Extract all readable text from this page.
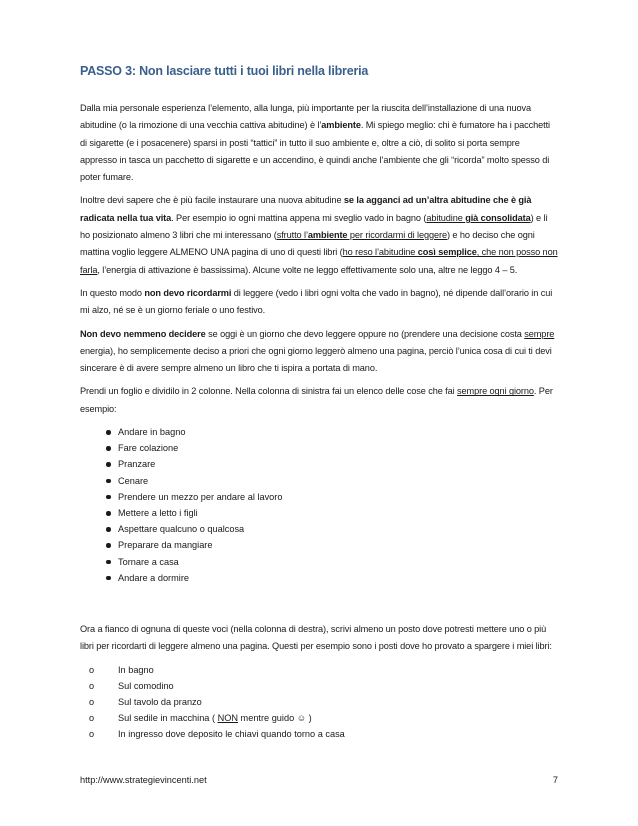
PASSO 3: Non lasciare tutti i tuoi libri nella libreria

Dalla mia personale esperienza l’elemento, alla lunga, più importante per la riuscita dell’installazione di una nuova abitudine (o la rimozione di una vecchia cattiva abitudine) è l’ambiente. Mi spiego meglio: chi è fumatore ha i pacchetti di sigarette (e i posacenere) sparsi in posti “tattici” in tutto il suo ambiente e, oltre a ciò, di solito si porta sempre appresso in tasca un pacchetto di sigarette e un accendino, è quindi anche l’ambiente che gli “ricorda” molto spesso di poter fumare.

Inoltre devi sapere che è più facile instaurare una nuova abitudine se la agganci ad un’altra abitudine che è già radicata nella tua vita. Per esempio io ogni mattina appena mi sveglio vado in bagno (abitudine già consolidata) e lì ho posizionato almeno 3 libri che mi interessano (sfrutto l’ambiente per ricordarmi di leggere) e ho deciso che ogni mattina voglio leggere ALMENO UNA pagina di uno di questi libri (ho reso l’abitudine così semplice, che non posso non farla, l’energia di attivazione è bassissima). Alcune volte ne leggo effettivamente solo una, altre ne leggo 4 – 5.

In questo modo non devo ricordarmi di leggere (vedo i libri ogni volta che vado in bagno), né dipende dall’orario in cui mi alzo, né se è un giorno feriale o uno festivo.

Non devo nemmeno decidere se oggi è un giorno che devo leggere oppure no (prendere una decisione costa sempre energia), ho semplicemente deciso a priori che ogni giorno leggerò almeno una pagina, perciò l’unica cosa di cui ti devi sincerare è di avere sempre almeno un libro che ti ispira a portata di mano.

Prendi un foglio e dividilo in 2 colonne. Nella colonna di sinistra fai un elenco delle cose che fai sempre ogni giorno. Per esempio:

Andare in bagno
Fare colazione
Pranzare
Cenare
Prendere un mezzo per andare al lavoro
Mettere a letto i figli
Aspettare qualcuno o qualcosa
Preparare da mangiare
Tornare a casa
Andare a dormire

Ora a fianco di ognuna di queste voci (nella colonna di destra), scrivi almeno un posto dove potresti mettere uno o più libri per ricordarti di leggere almeno una pagina. Questi per esempio sono i posti dove ho provato a spargere i miei libri:

o	In bagno
o	Sul comodino
o	Sul tavolo da pranzo
o	Sul sedile in macchina ( NON mentre guido ☺ )
o	In ingresso dove deposito le chiavi quando torno a casa
http://www.strategievincenti.net	7
